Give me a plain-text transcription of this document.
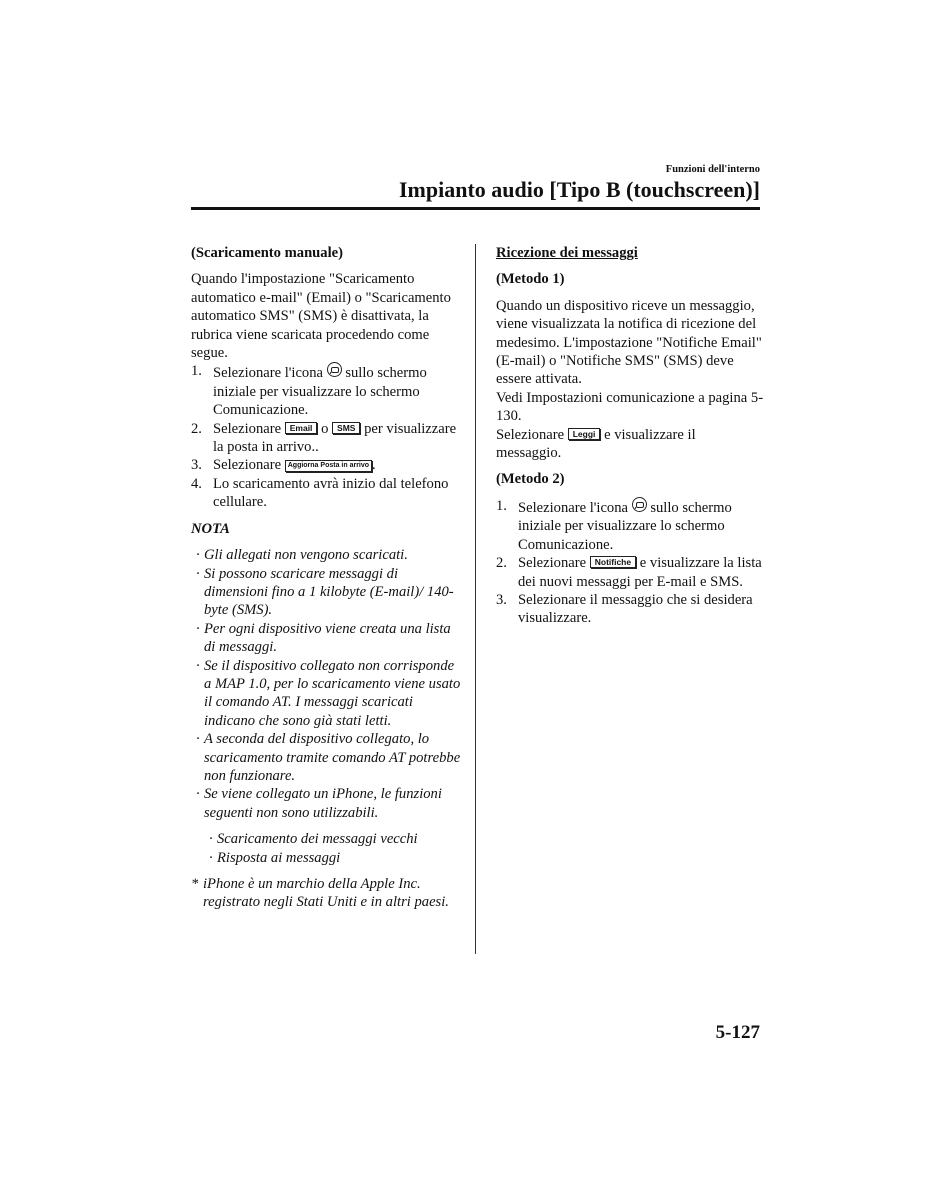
Funzioni dell'interno
Impianto audio [Tipo B (touchscreen)]
(Scaricamento manuale)
Quando l'impostazione "Scaricamento automatico e-mail" (Email) o "Scaricamento automatico SMS" (SMS) è disattivata, la rubrica viene scaricata procedendo come segue.
1. Selezionare l'icona sullo schermo iniziale per visualizzare lo schermo Comunicazione.
2. Selezionare Email o SMS per visualizzare la posta in arrivo..
3. Selezionare Aggiorna Posta in arrivo .
4. Lo scaricamento avrà inizio dal telefono cellulare.
NOTA
· Gli allegati non vengono scaricati.
· Si possono scaricare messaggi di dimensioni fino a 1 kilobyte (E-mail)/ 140-byte (SMS).
· Per ogni dispositivo viene creata una lista di messaggi.
· Se il dispositivo collegato non corrisponde a MAP 1.0, per lo scaricamento viene usato il comando AT. I messaggi scaricati indicano che sono già stati letti.
· A seconda del dispositivo collegato, lo scaricamento tramite comando AT potrebbe non funzionare.
· Se viene collegato un iPhone, le funzioni seguenti non sono utilizzabili.
· Scaricamento dei messaggi vecchi
· Risposta ai messaggi
* iPhone è un marchio della Apple Inc. registrato negli Stati Uniti e in altri paesi.
Ricezione dei messaggi
(Metodo 1)
Quando un dispositivo riceve un messaggio, viene visualizzata la notifica di ricezione del medesimo. L'impostazione "Notifiche Email" (E-mail) o "Notifiche SMS" (SMS) deve essere attivata.
Vedi Impostazioni comunicazione a pagina 5-130.
Selezionare Leggi e visualizzare il messaggio.
(Metodo 2)
1. Selezionare l'icona sullo schermo iniziale per visualizzare lo schermo Comunicazione.
2. Selezionare Notifiche e visualizzare la lista dei nuovi messaggi per E-mail e SMS.
3. Selezionare il messaggio che si desidera visualizzare.
5-127
